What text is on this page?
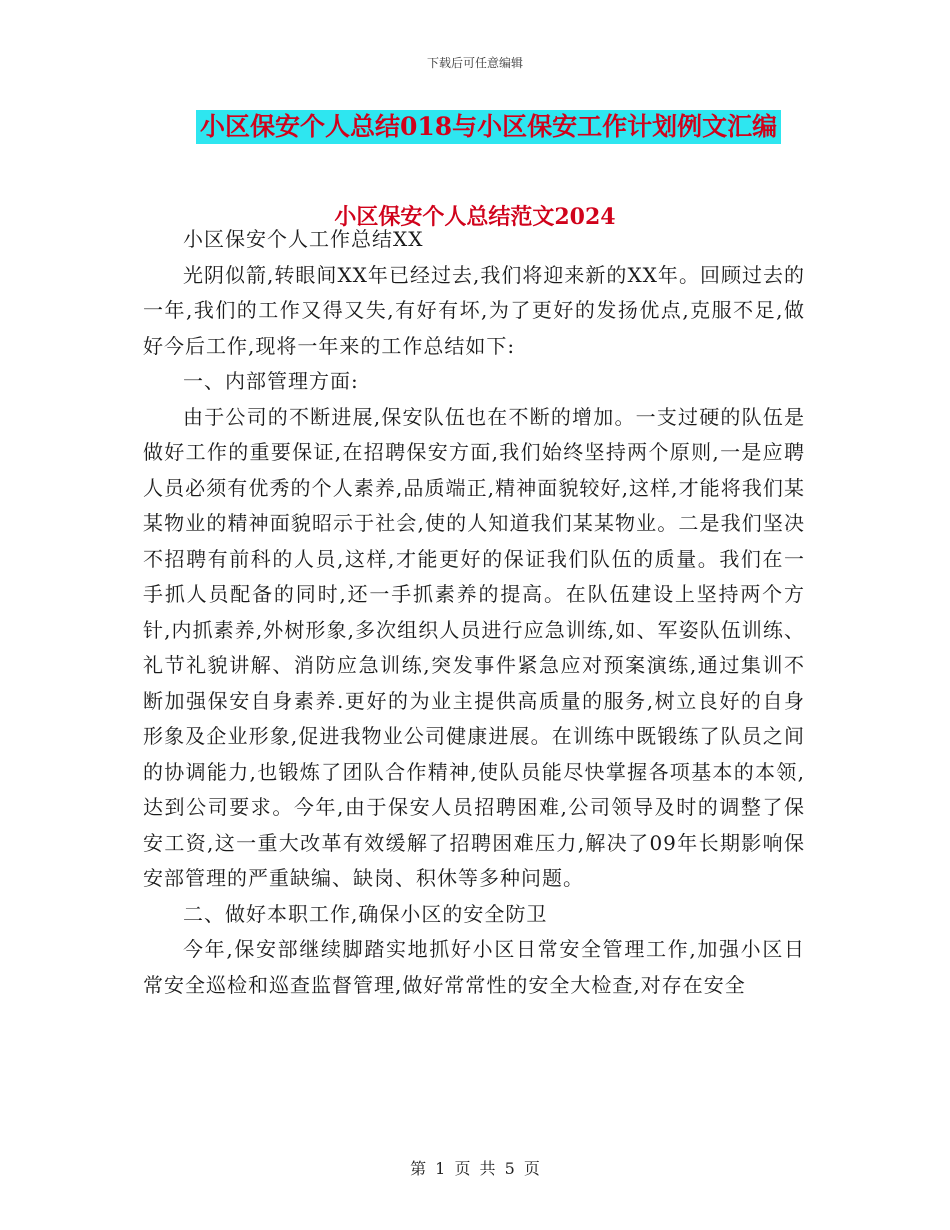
下载后可任意编辑
小区保安个人总结018与小区保安工作计划例文汇编
小区保安个人总结范文2024

小区保安个人工作总结XX

光阴似箭,转眼间XX年已经过去,我们将迎来新的XX年。回顾过去的一年,我们的工作又得又失,有好有坏,为了更好的发扬优点,克服不足,做好今后工作,现将一年来的工作总结如下:

一、内部管理方面:

由于公司的不断进展,保安队伍也在不断的增加。一支过硬的队伍是做好工作的重要保证,在招聘保安方面,我们始终坚持两个原则,一是应聘人员必须有优秀的个人素养,品质端正,精神面貌较好,这样,才能将我们某某物业的精神面貌昭示于社会,使的人知道我们某某物业。二是我们坚决不招聘有前科的人员,这样,才能更好的保证我们队伍的质量。我们在一手抓人员配备的同时,还一手抓素养的提高。在队伍建设上坚持两个方针,内抓素养,外树形象,多次组织人员进行应急训练,如、军姿队伍训练、礼节礼貌讲解、消防应急训练,突发事件紧急应对预案演练,通过集训不断加强保安自身素养.更好的为业主提供高质量的服务,树立良好的自身形象及企业形象,促进我物业公司健康进展。在训练中既锻练了队员之间的协调能力,也锻炼了团队合作精神,使队员能尽快掌握各项基本的本领,达到公司要求。今年,由于保安人员招聘困难,公司领导及时的调整了保安工资,这一重大改革有效缓解了招聘困难压力,解决了09年长期影响保安部管理的严重缺编、缺岗、积休等多种问题。

二、做好本职工作,确保小区的安全防卫

今年,保安部继续脚踏实地抓好小区日常安全管理工作,加强小区日常安全巡检和巡查监督管理,做好常常性的安全大检查,对存在安全

第 1 页 共 5 页
